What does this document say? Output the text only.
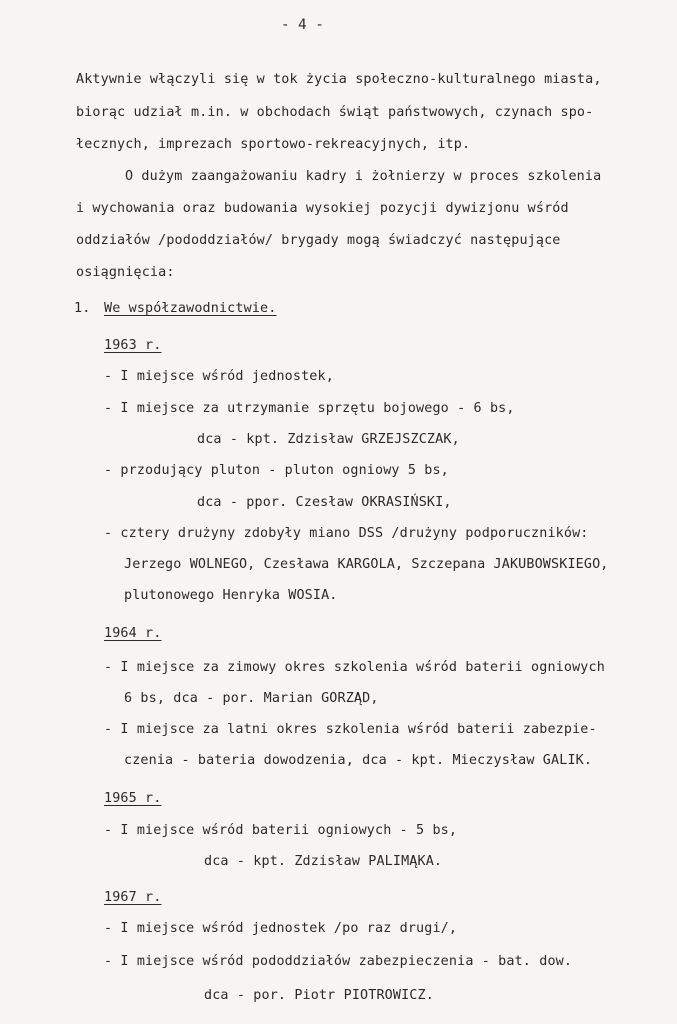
- 4 -
Aktywnie włączyli się w tok życia społeczno-kulturalnego miasta,
biorąc udział m.in. w obchodach świąt państwowych, czynach spo-
łecznych, imprezach sportowo-rekreacyjnych, itp.
O dużym zaangażowaniu kadry i żołnierzy w proces szkolenia
i wychowania oraz budowania wysokiej pozycji dywizjonu wśród
oddziałów /pododdziałów/ brygady mogą świadczyć następujące
osiągnięcia:
1. We współzawodnictwie.
1963 r.
- I miejsce wśród jednostek,
- I miejsce za utrzymanie sprzętu bojowego - 6 bs,
dca - kpt. Zdzisław GRZEJSZCZAK,
- przodujący pluton - pluton ogniowy 5 bs,
dca - ppor. Czesław OKRASIŃSKI,
- cztery drużyny zdobyły miano DSS /drużyny podporuczników:
Jerzego WOLNEGO, Czesława KARGOLA, Szczepana JAKUBOWSKIEGO,
plutonowego Henryka WOSIA.
1964 r.
- I miejsce za zimowy okres szkolenia wśród baterii ogniowych
6 bs, dca - por. Marian GORZĄD,
- I miejsce za latni okres szkolenia wśród baterii zabezpie-
czenia - bateria dowodzenia, dca - kpt. Mieczysław GALIK.
1965 r.
- I miejsce wśród baterii ogniowych - 5 bs,
dca - kpt. Zdzisław PALIMĄKA.
1967 r.
- I miejsce wśród jednostek /po raz drugi/,
- I miejsce wśród pododdziałów zabezpieczenia - bat. dow.
dca - por. Piotr PIOTROWICZ.
